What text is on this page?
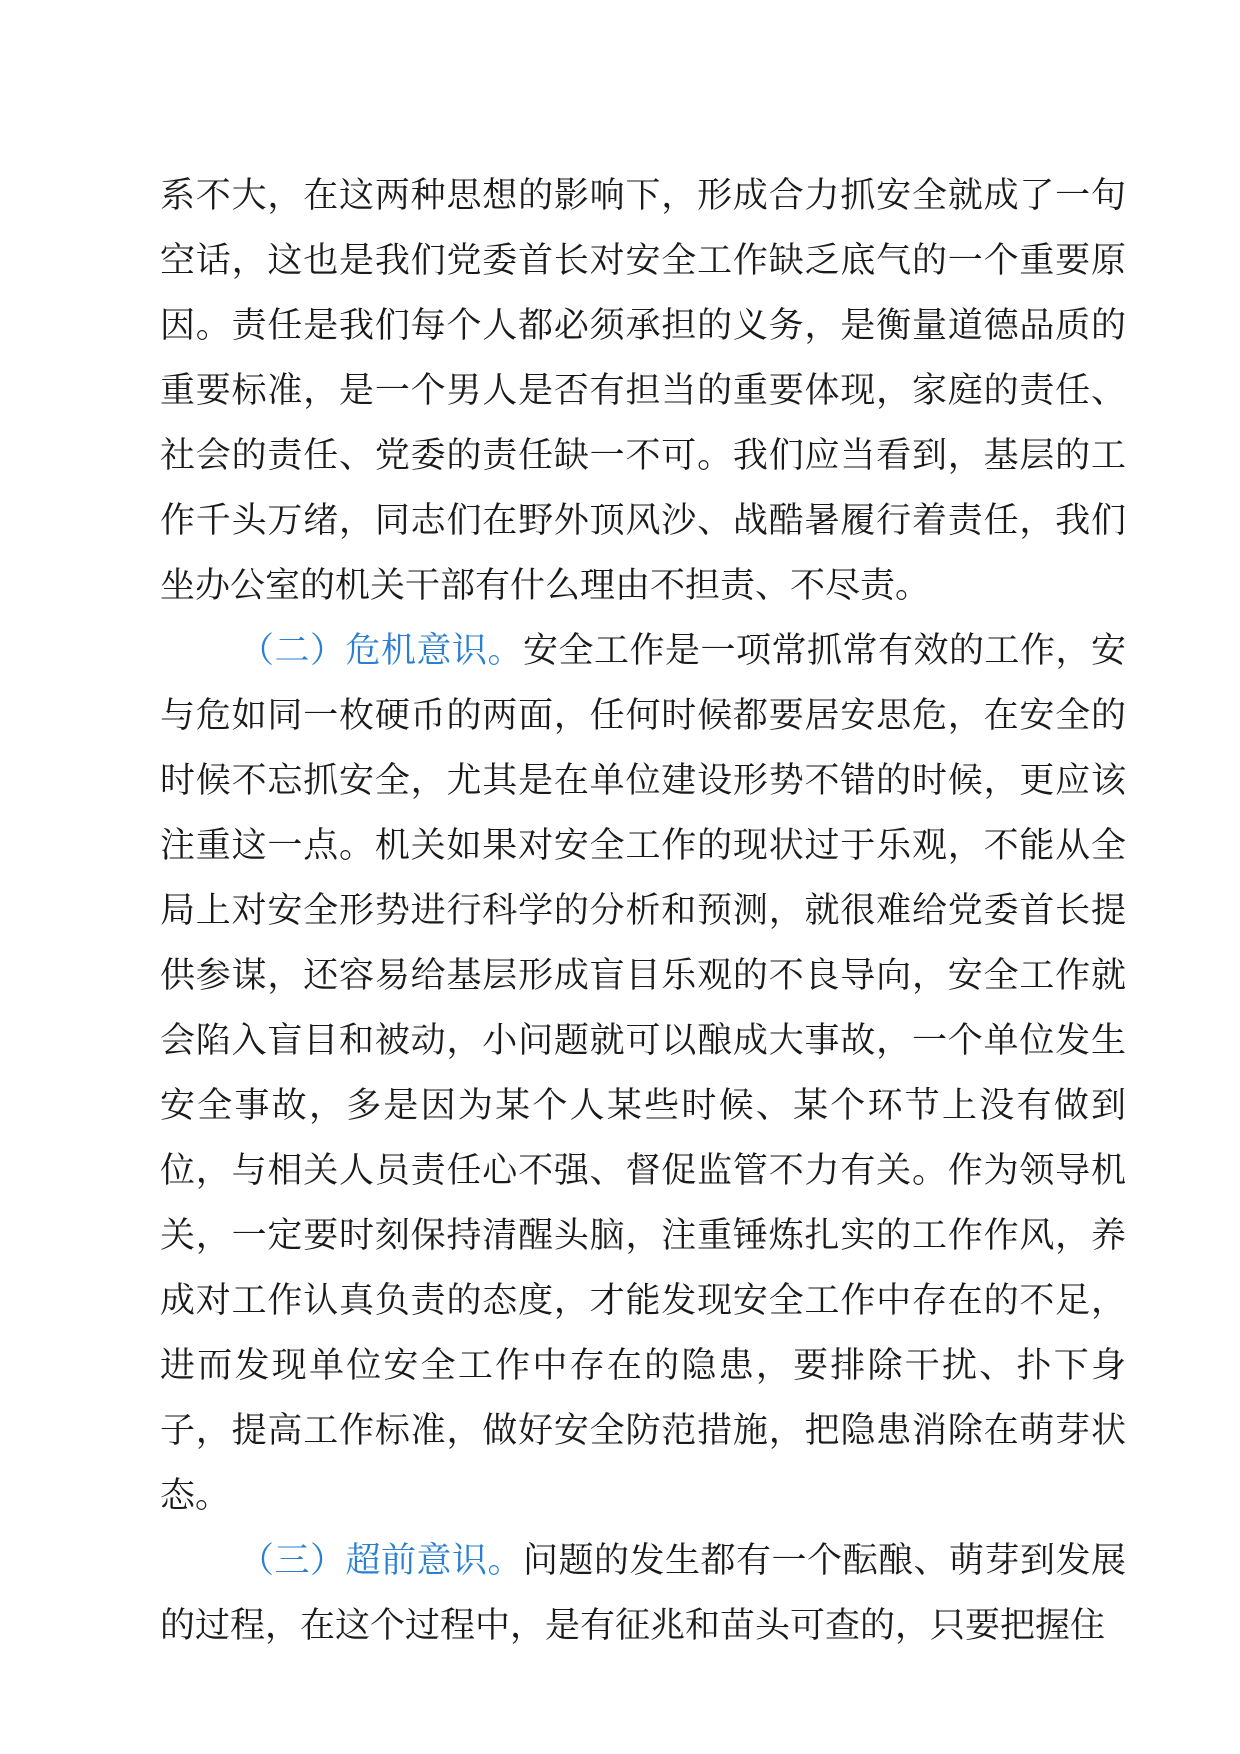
系不大，在这两种思想的影响下，形成合力抓安全就成了一句空话，这也是我们党委首长对安全工作缺乏底气的一个重要原因。责任是我们每个人都必须承担的义务，是衡量道德品质的重要标准，是一个男人是否有担当的重要体现，家庭的责任、社会的责任、党委的责任缺一不可。我们应当看到，基层的工作千头万绪，同志们在野外顶风沙、战酷暑履行着责任，我们坐办公室的机关干部有什么理由不担责、不尽责。

（二）危机意识。安全工作是一项常抓常有效的工作，安与危如同一枚硬币的两面，任何时候都要居安思危，在安全的时候不忘抓安全，尤其是在单位建设形势不错的时候，更应该注重这一点。机关如果对安全工作的现状过于乐观，不能从全局上对安全形势进行科学的分析和预测，就很难给党委首长提供参谋，还容易给基层形成盲目乐观的不良导向，安全工作就会陷入盲目和被动，小问题就可以酿成大事故，一个单位发生安全事故，多是因为某个人某些时候、某个环节上没有做到位，与相关人员责任心不强、督促监管不力有关。作为领导机关，一定要时刻保持清醒头脑，注重锤炼扎实的工作作风，养成对工作认真负责的态度，才能发现安全工作中存在的不足，进而发现单位安全工作中存在的隐患，要排除干扰、扑下身子，提高工作标准，做好安全防范措施，把隐患消除在萌芽状态。

（三）超前意识。问题的发生都有一个酝酿、萌芽到发展的过程，在这个过程中，是有征兆和苗头可查的，只要把握住
